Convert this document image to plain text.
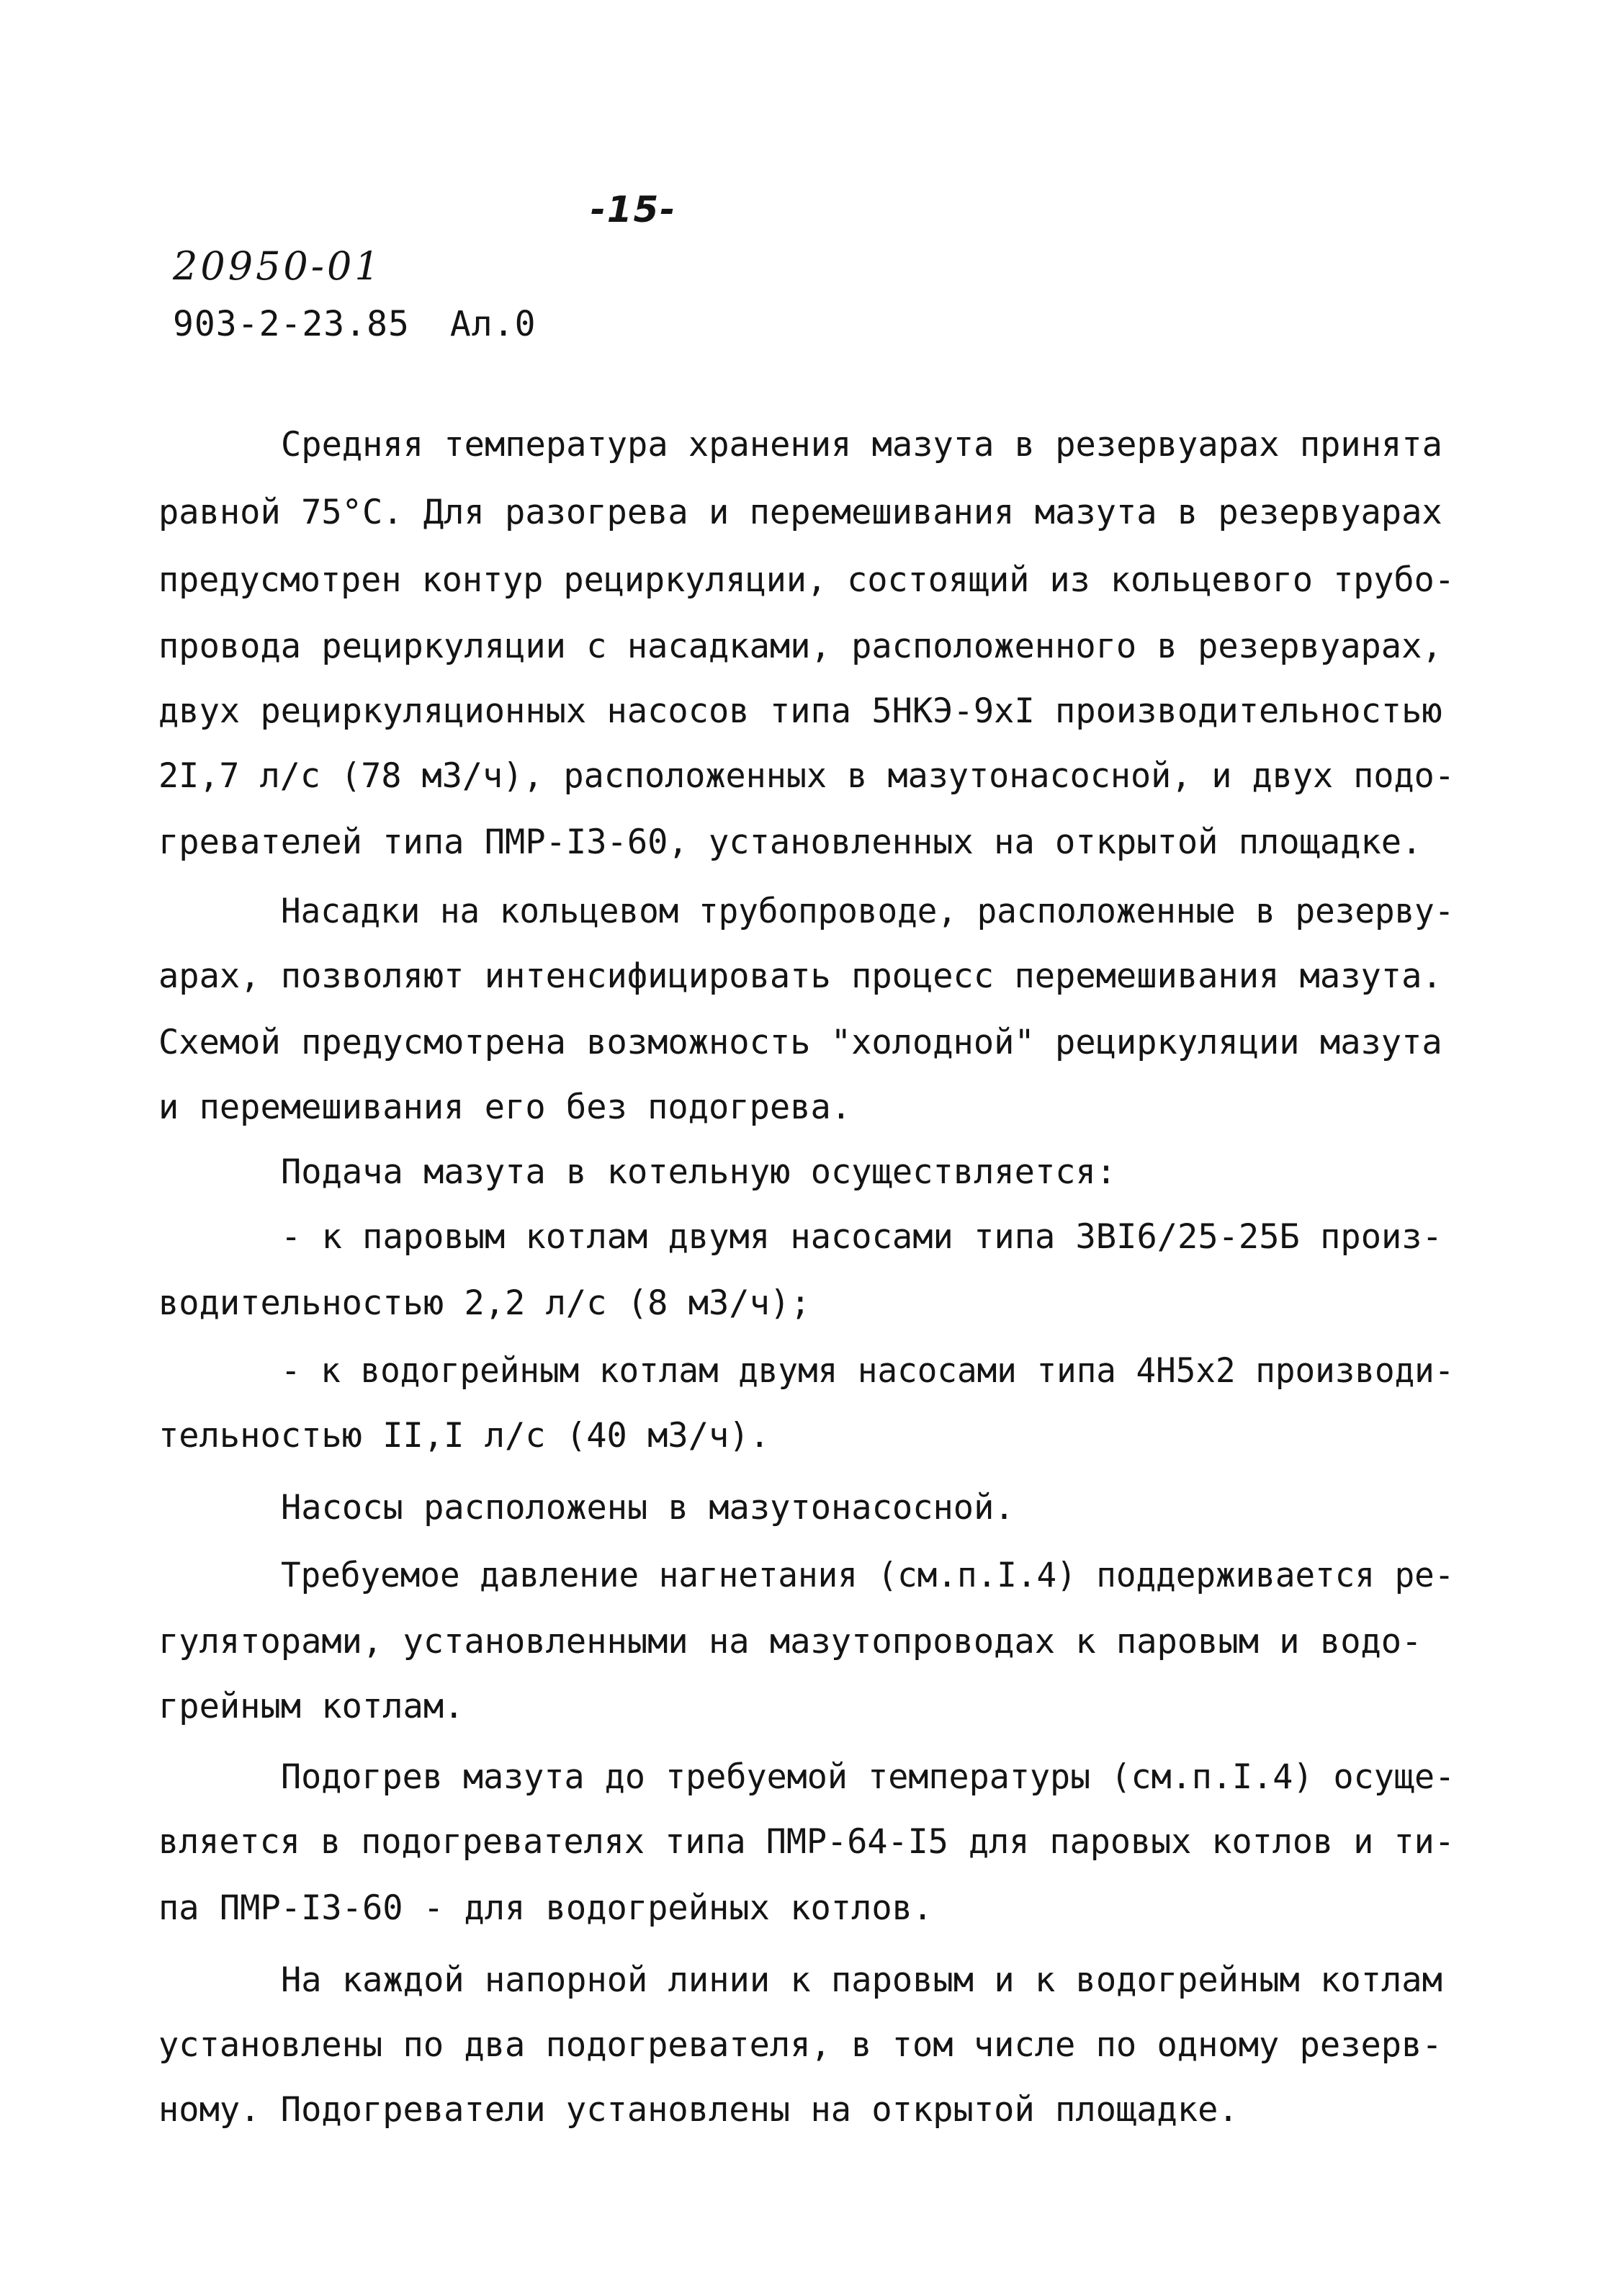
-15-
20950-01
903-2-23.85 Ал.0
Средняя температура хранения мазута в резервуарах принята
равной 75°С. Для разогрева и перемешивания мазута в резервуарах
предусмотрен контур рециркуляции, состоящий из кольцевого трубо-
провода рециркуляции с насадками, расположенного в резервуарах,
двух рециркуляционных насосов типа 5НКЭ-9хI производительностью
2I,7 л/с (78 м3/ч), расположенных в мазутонасосной, и двух подо-
гревателей типа ПМР-I3-60, установленных на открытой площадке.
Насадки на кольцевом трубопроводе, расположенные в резерву-
арах, позволяют интенсифицировать процесс перемешивания мазута.
Схемой предусмотрена возможность "холодной" рециркуляции мазута
и перемешивания его без подогрева.
Подача мазута в котельную осуществляется:
- к паровым котлам двумя насосами типа 3ВI6/25-25Б произ-
водительностью 2,2 л/с (8 м3/ч);
- к водогрейным котлам двумя насосами типа 4Н5х2 производи-
тельностью II,I л/с (40 м3/ч).
Насосы расположены в мазутонасосной.
Требуемое давление нагнетания (см.п.I.4) поддерживается ре-
гуляторами, установленными на мазутопроводах к паровым и водо-
грейным котлам.
Подогрев мазута до требуемой температуры (см.п.I.4) осуще-
вляется в подогревателях типа ПМР-64-I5 для паровых котлов и ти-
па ПМР-I3-60 - для водогрейных котлов.
На каждой напорной линии к паровым и к водогрейным котлам
установлены по два подогревателя, в том числе по одному резерв-
ному. Подогреватели установлены на открытой площадке.
